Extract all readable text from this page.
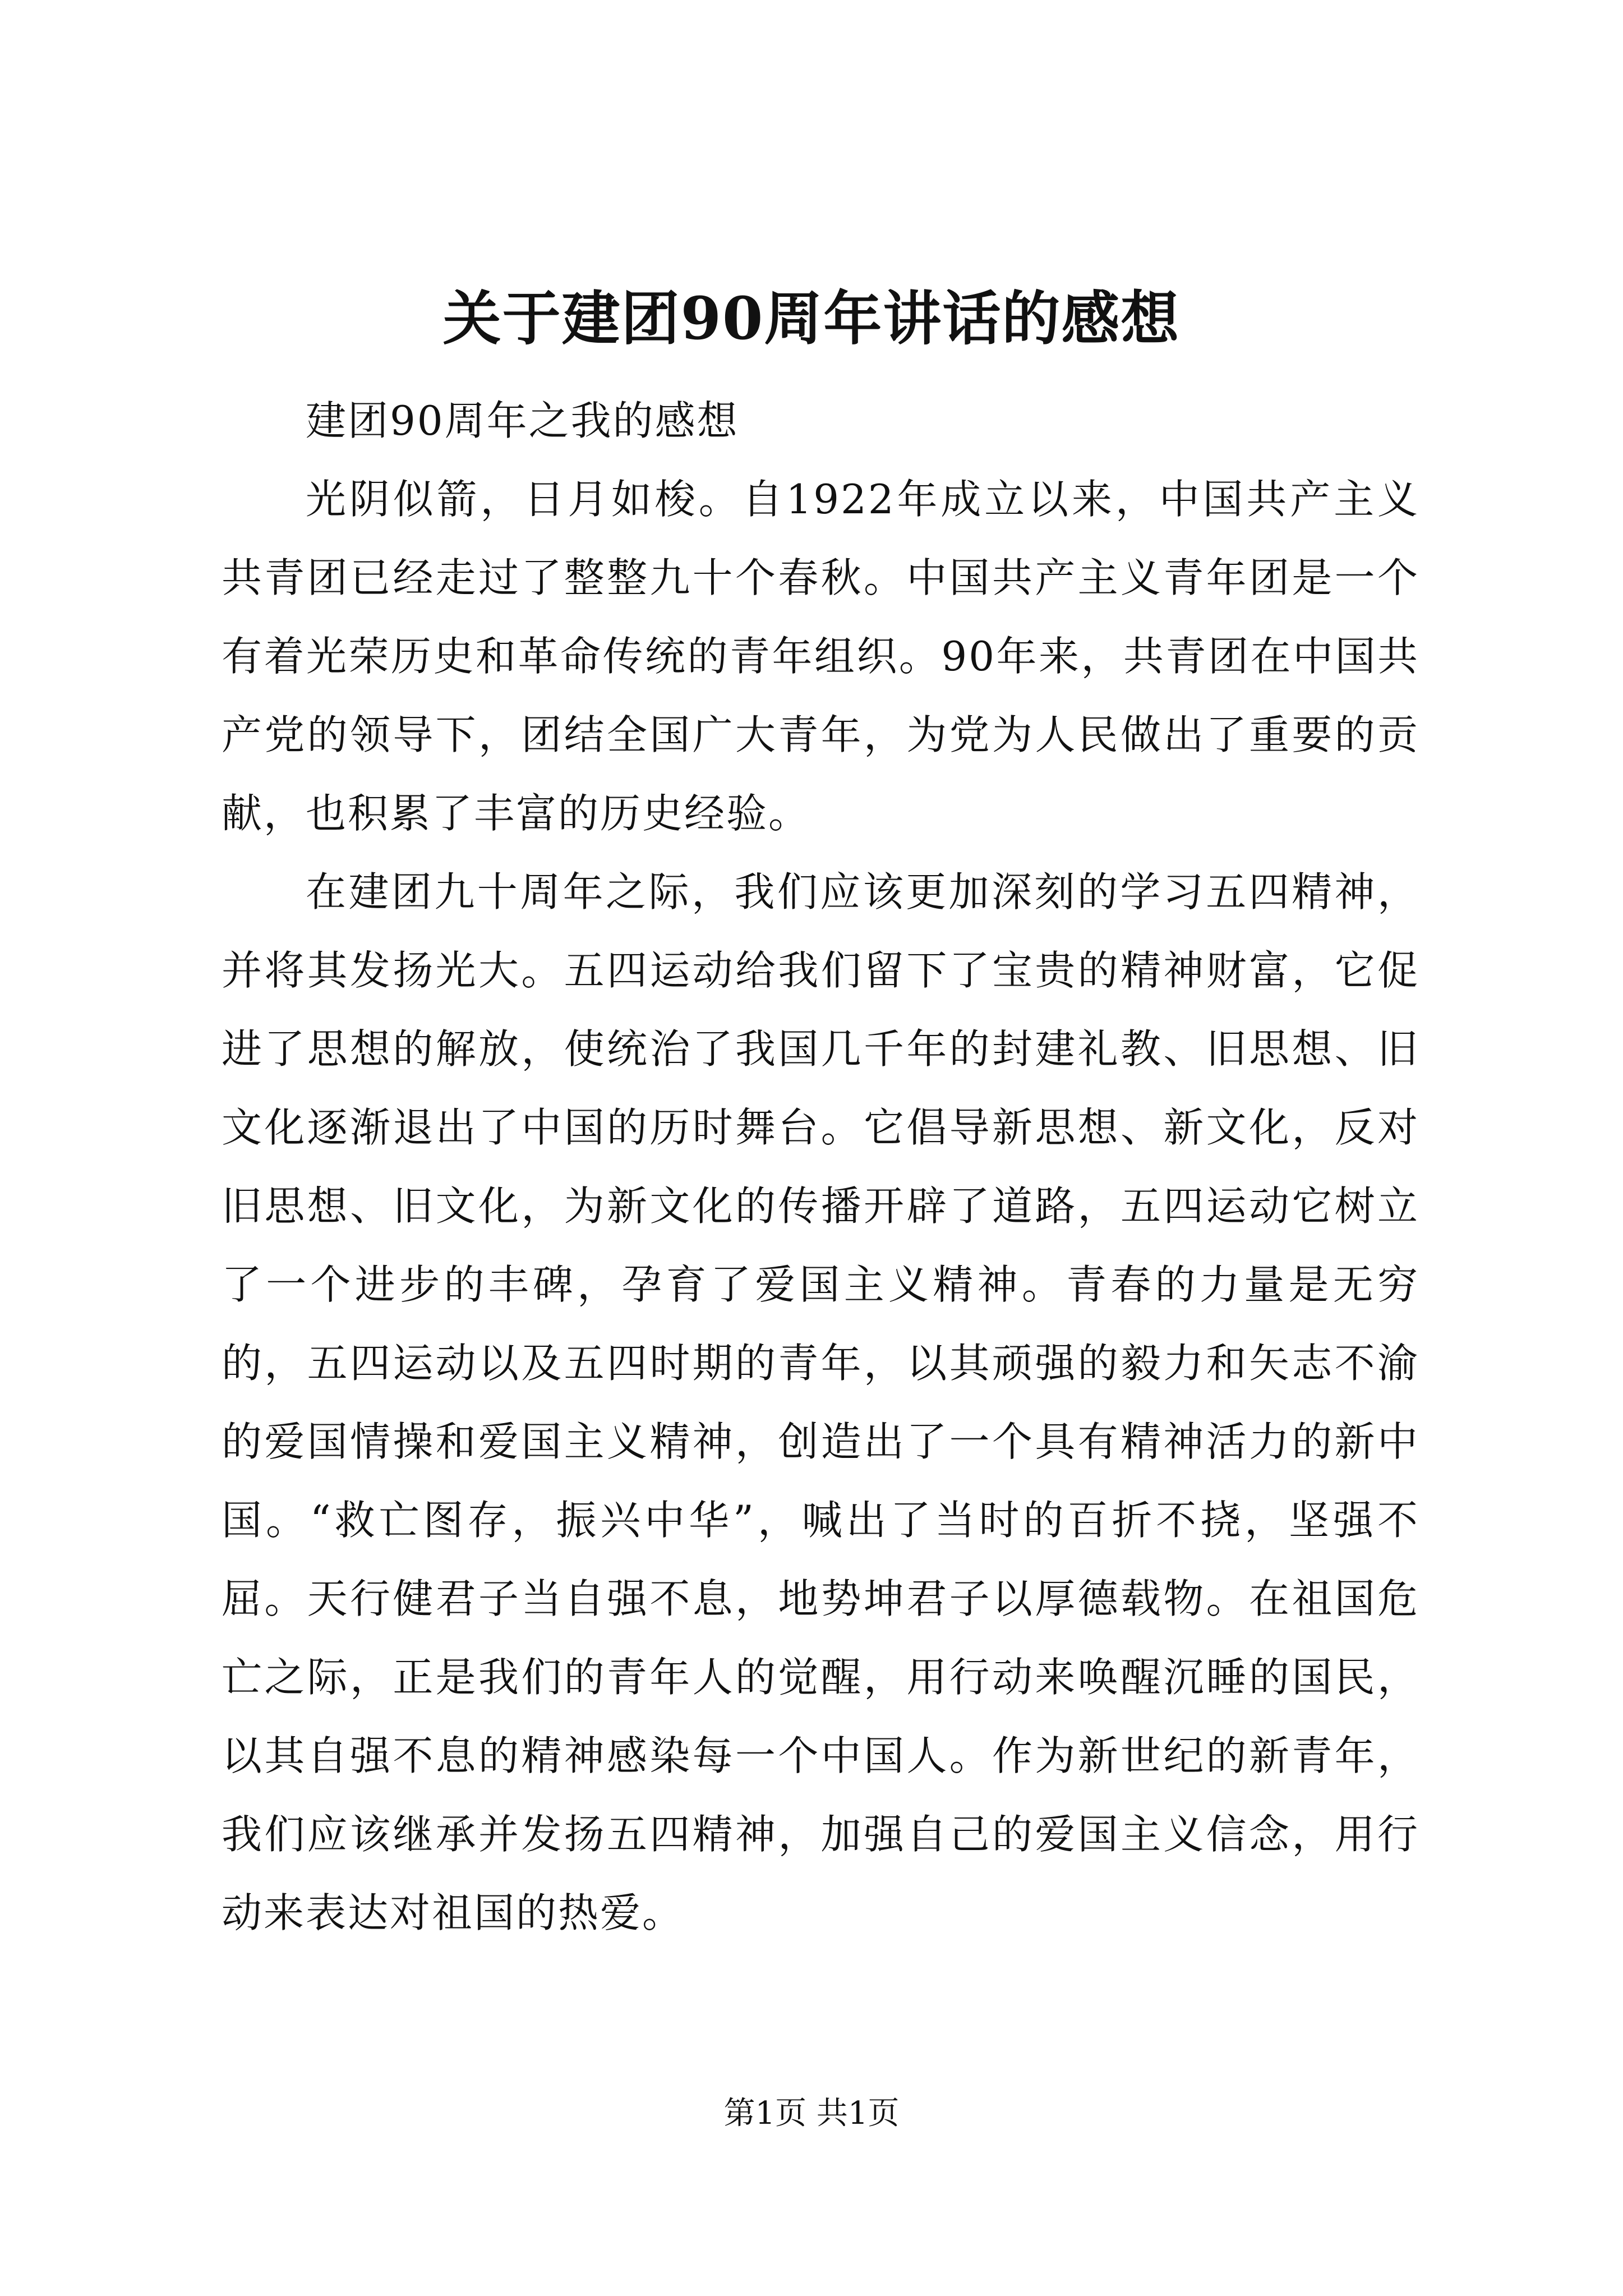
关于建团90周年讲话的感想

建团90周年之我的感想

光阴似箭，日月如梭。自1922年成立以来，中国共产主义共青团已经走过了整整九十个春秋。中国共产主义青年团是一个有着光荣历史和革命传统的青年组织。90年来，共青团在中国共产党的领导下，团结全国广大青年，为党为人民做出了重要的贡献，也积累了丰富的历史经验。

在建团九十周年之际，我们应该更加深刻的学习五四精神，并将其发扬光大。五四运动给我们留下了宝贵的精神财富，它促进了思想的解放，使统治了我国几千年的封建礼教、旧思想、旧文化逐渐退出了中国的历时舞台。它倡导新思想、新文化，反对旧思想、旧文化，为新文化的传播开辟了道路，五四运动它树立了一个进步的丰碑，孕育了爱国主义精神。青春的力量是无穷的，五四运动以及五四时期的青年，以其顽强的毅力和矢志不渝的爱国情操和爱国主义精神，创造出了一个具有精神活力的新中国。“救亡图存，振兴中华”，喊出了当时的百折不挠，坚强不屈。天行健君子当自强不息，地势坤君子以厚德载物。在祖国危亡之际，正是我们的青年人的觉醒，用行动来唤醒沉睡的国民，以其自强不息的精神感染每一个中国人。作为新世纪的新青年，我们应该继承并发扬五四精神，加强自己的爱国主义信念，用行动来表达对祖国的热爱。

第1页 共1页
